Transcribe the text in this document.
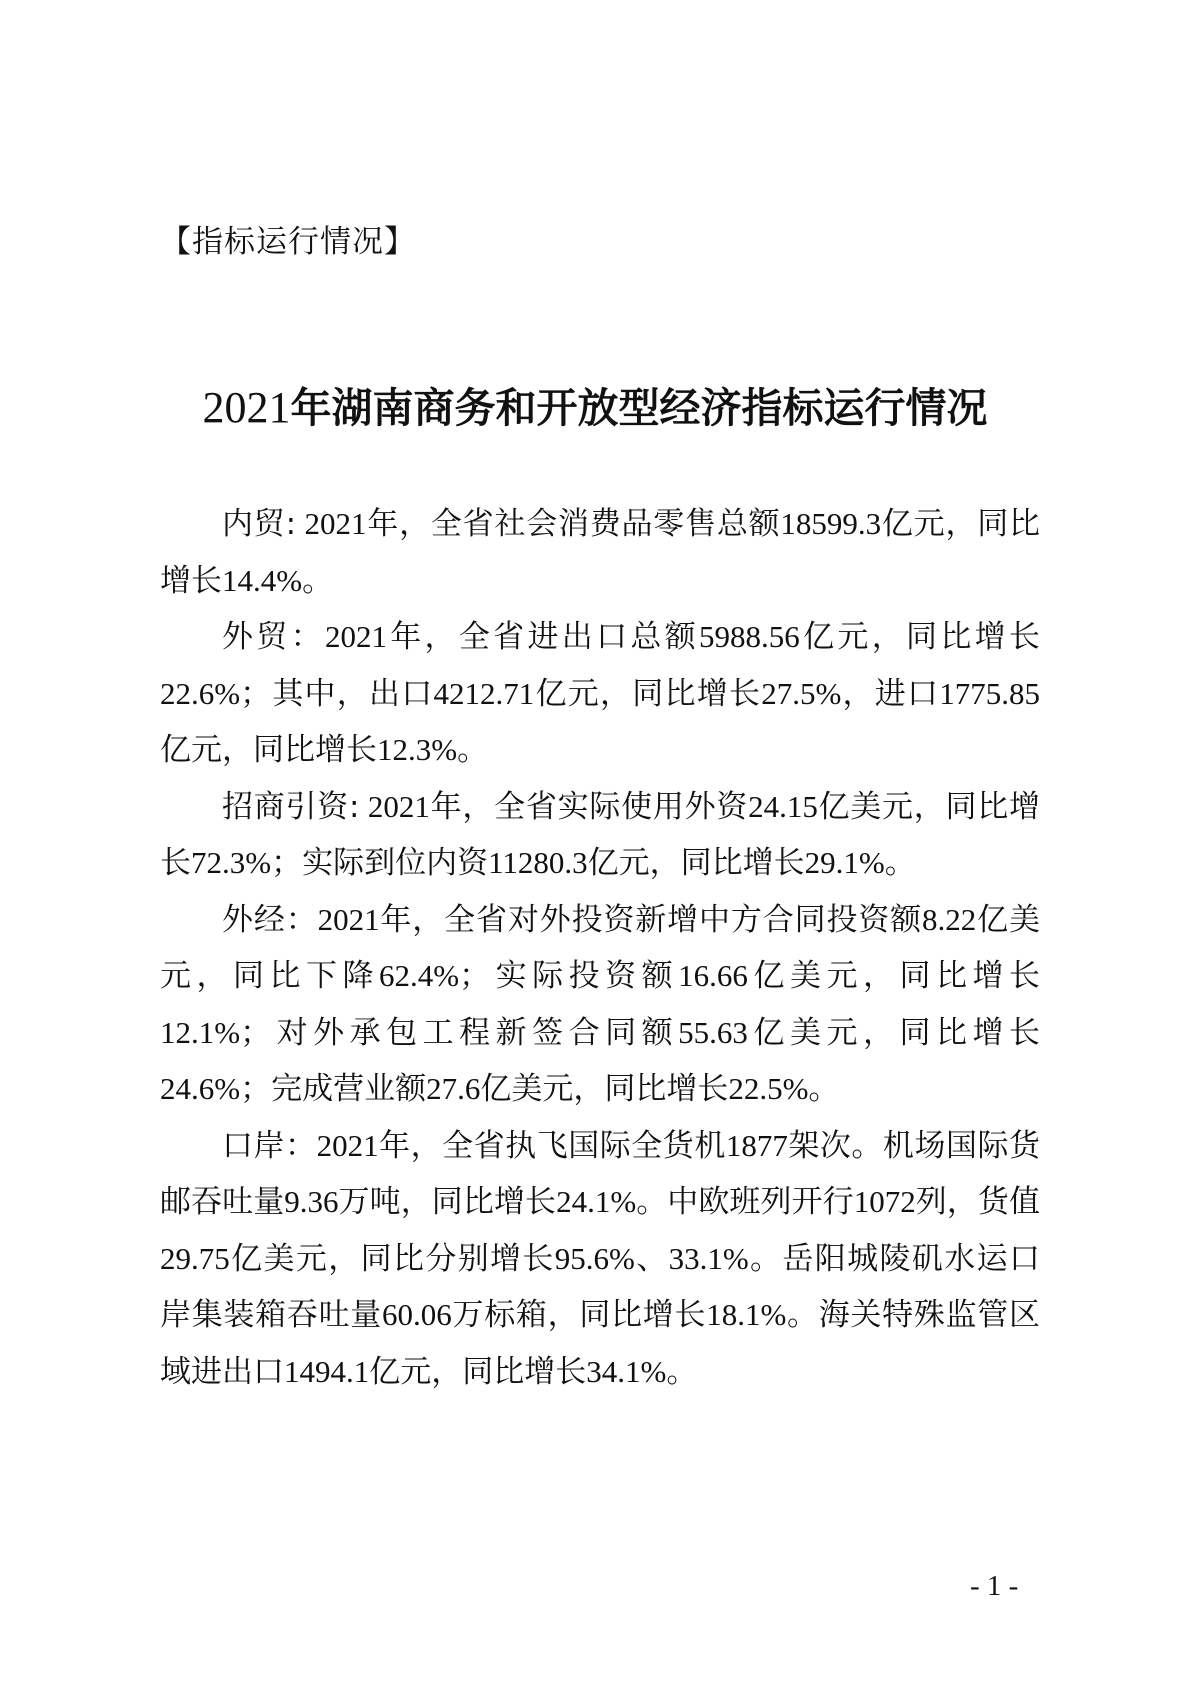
【指标运行情况】
2021年湖南商务和开放型经济指标运行情况

内贸: 2021年，全省社会消费品零售总额18599.3亿元，同比增长14.4%。

外贸：2021年，全省进出口总额5988.56亿元，同比增长22.6%；其中，出口4212.71亿元，同比增长27.5%，进口1775.85亿元，同比增长12.3%。

招商引资: 2021年，全省实际使用外资24.15亿美元，同比增长72.3%；实际到位内资11280.3亿元，同比增长29.1%。

外经：2021年，全省对外投资新增中方合同投资额8.22亿美元，同比下降62.4%；实际投资额16.66亿美元，同比增长12.1%；对外承包工程新签合同额55.63亿美元，同比增长24.6%；完成营业额27.6亿美元，同比增长22.5%。

口岸：2021年，全省执飞国际全货机1877架次。机场国际货邮吞吐量9.36万吨，同比增长24.1%。中欧班列开行1072列，货值29.75亿美元，同比分别增长95.6%、33.1%。岳阳城陵矶水运口岸集装箱吞吐量60.06万标箱，同比增长18.1%。海关特殊监管区域进出口1494.1亿元，同比增长34.1%。

- 1 -
